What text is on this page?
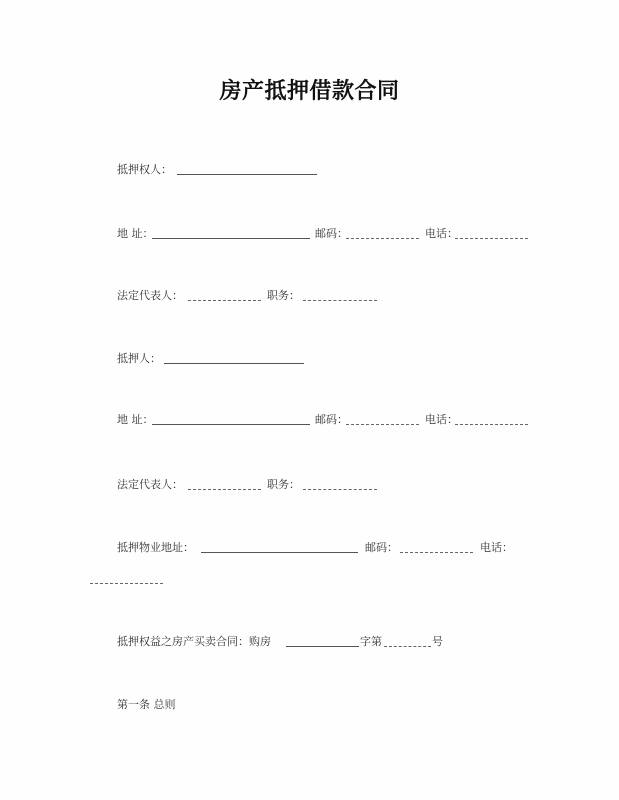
房产抵押借款合同
抵押权人：
地 址：	邮码：	电话：
法定代表人：	职务：
抵押人：
地 址：	邮码：	电话：
法定代表人：	职务：
抵押物业地址：	邮码：	电话：
抵押权益之房产买卖合同：购房	字第	号
第一条 总则
